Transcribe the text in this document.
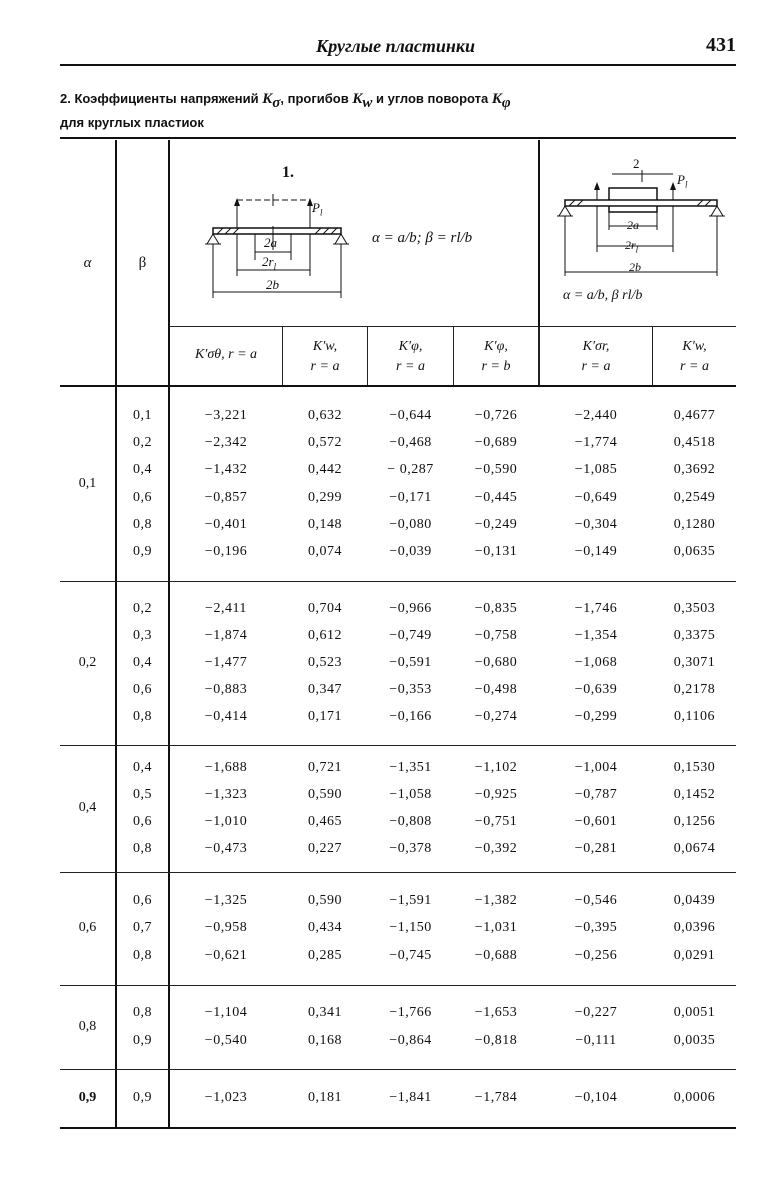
Круглые пластинки	431
2. Коэффициенты напряжений $K_\sigma$, прогибов $K_w$ и углов поворота $K_\varphi$
для круглых пластиок
α	β
1.
$P_l$
2a
$2r_l$
2b
α = a/b; β = rl/b
2
$P_l$
2a
$2r_l$
2b
α = a/b, β rl/b
K′σθ, r = a
K′w,
r = a
K′φ,
r = a
K′φ,
r = b
K′σr,
r = a
K′w,
r = a
0,1
0,1	−3,221	0,632	−0,644	−0,726	−2,440	0,4677
0,2	−2,342	0,572	−0,468	−0,689	−1,774	0,4518
0,4	−1,432	0,442	− 0,287	−0,590	−1,085	0,3692
0,6	−0,857	0,299	−0,171	−0,445	−0,649	0,2549
0,8	−0,401	0,148	−0,080	−0,249	−0,304	0,1280
0,9	−0,196	0,074	−0,039	−0,131	−0,149	0,0635
0,2
0,2	−2,411	0,704	−0,966	−0,835	−1,746	0,3503
0,3	−1,874	0,612	−0,749	−0,758	−1,354	0,3375
0,4	−1,477	0,523	−0,591	−0,680	−1,068	0,3071
0,6	−0,883	0,347	−0,353	−0,498	−0,639	0,2178
0,8	−0,414	0,171	−0,166	−0,274	−0,299	0,1106
0,4
0,4	−1,688	0,721	−1,351	−1,102	−1,004	0,1530
0,5	−1,323	0,590	−1,058	−0,925	−0,787	0,1452
0,6	−1,010	0,465	−0,808	−0,751	−0,601	0,1256
0,8	−0,473	0,227	−0,378	−0,392	−0,281	0,0674
0,6
0,6	−1,325	0,590	−1,591	−1,382	−0,546	0,0439
0,7	−0,958	0,434	−1,150	−1,031	−0,395	0,0396
0,8	−0,621	0,285	−0,745	−0,688	−0,256	0,0291
0,8
0,8	−1,104	0,341	−1,766	−1,653	−0,227	0,0051
0,9	−0,540	0,168	−0,864	−0,818	−0,111	0,0035
0,9	0,9	−1,023	0,181	−1,841	−1,784	−0,104	0,0006
